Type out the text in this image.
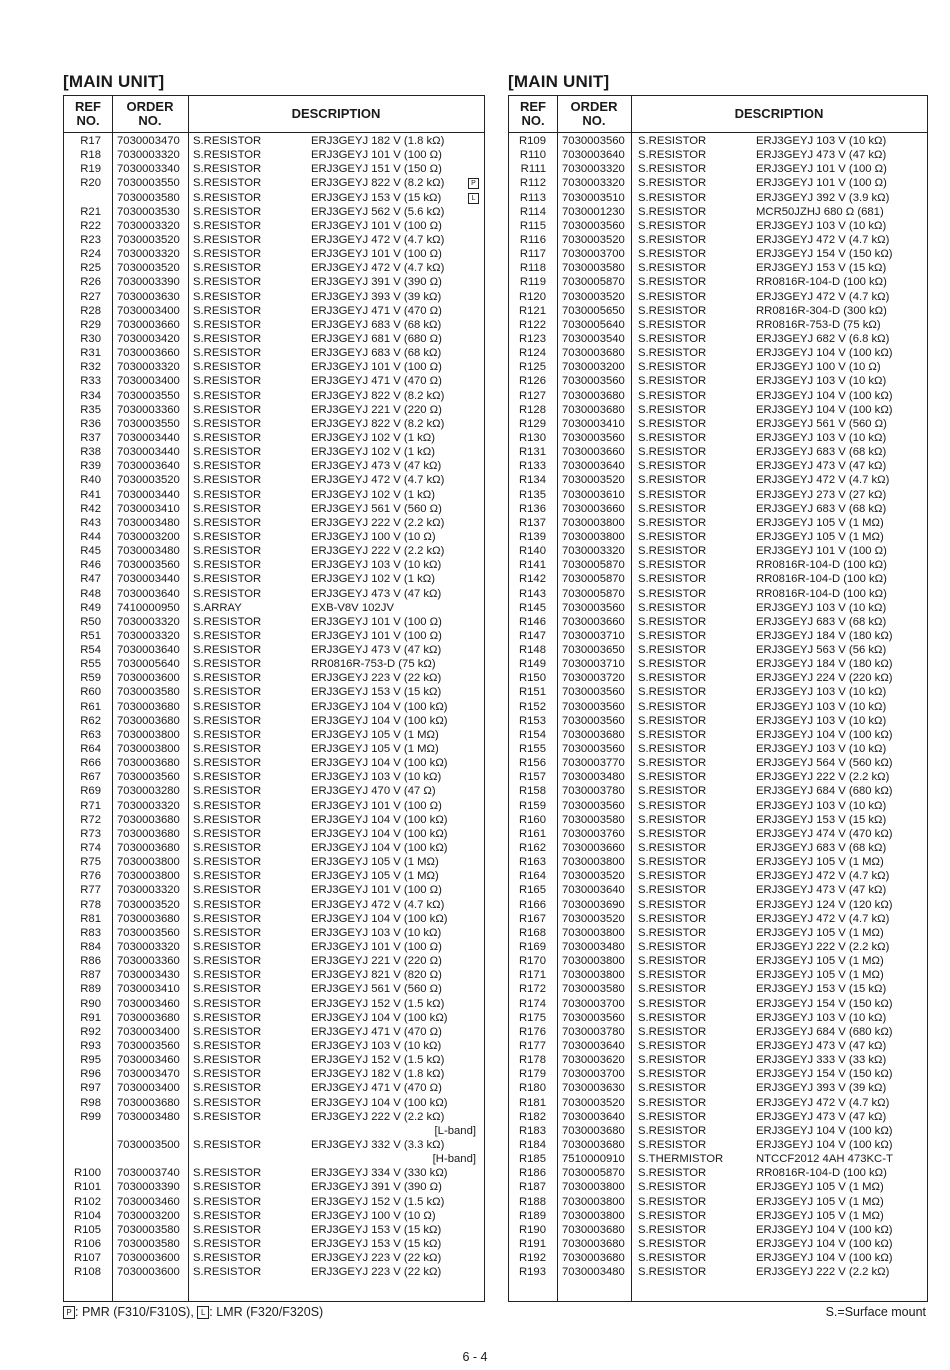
[MAIN UNIT]
REF
NO.
ORDER
NO.	DESCRIPTION
R17 7030003470 S.RESISTOR	ERJ3GEYJ 182 V (1.8 kΩ)
R18 7030003320 S.RESISTOR	ERJ3GEYJ 101 V (100 Ω)
R19 7030003340 S.RESISTOR	ERJ3GEYJ 151 V (150 Ω)
R20 7030003550 S.RESISTOR	ERJ3GEYJ 822 V (8.2 kΩ)	P
7030003580 S.RESISTOR	ERJ3GEYJ 153 V (15 kΩ)	L
R21 7030003530 S.RESISTOR	ERJ3GEYJ 562 V (5.6 kΩ)
R22 7030003320 S.RESISTOR	ERJ3GEYJ 101 V (100 Ω)
R23 7030003520 S.RESISTOR	ERJ3GEYJ 472 V (4.7 kΩ)
R24 7030003320 S.RESISTOR	ERJ3GEYJ 101 V (100 Ω)
R25 7030003520 S.RESISTOR	ERJ3GEYJ 472 V (4.7 kΩ)
R26 7030003390 S.RESISTOR	ERJ3GEYJ 391 V (390 Ω)
R27 7030003630 S.RESISTOR	ERJ3GEYJ 393 V (39 kΩ)
R28 7030003400 S.RESISTOR	ERJ3GEYJ 471 V (470 Ω)
R29 7030003660 S.RESISTOR	ERJ3GEYJ 683 V (68 kΩ)
R30 7030003420 S.RESISTOR	ERJ3GEYJ 681 V (680 Ω)
R31 7030003660 S.RESISTOR	ERJ3GEYJ 683 V (68 kΩ)
R32 7030003320 S.RESISTOR	ERJ3GEYJ 101 V (100 Ω)
R33 7030003400 S.RESISTOR	ERJ3GEYJ 471 V (470 Ω)
R34 7030003550 S.RESISTOR	ERJ3GEYJ 822 V (8.2 kΩ)
R35 7030003360 S.RESISTOR	ERJ3GEYJ 221 V (220 Ω)
R36 7030003550 S.RESISTOR	ERJ3GEYJ 822 V (8.2 kΩ)
R37 7030003440 S.RESISTOR	ERJ3GEYJ 102 V (1 kΩ)
R38 7030003440 S.RESISTOR	ERJ3GEYJ 102 V (1 kΩ)
R39 7030003640 S.RESISTOR	ERJ3GEYJ 473 V (47 kΩ)
R40 7030003520 S.RESISTOR	ERJ3GEYJ 472 V (4.7 kΩ)
R41 7030003440 S.RESISTOR	ERJ3GEYJ 102 V (1 kΩ)
R42 7030003410 S.RESISTOR	ERJ3GEYJ 561 V (560 Ω)
R43 7030003480 S.RESISTOR	ERJ3GEYJ 222 V (2.2 kΩ)
R44 7030003200 S.RESISTOR	ERJ3GEYJ 100 V (10 Ω)
R45 7030003480 S.RESISTOR	ERJ3GEYJ 222 V (2.2 kΩ)
R46 7030003560 S.RESISTOR	ERJ3GEYJ 103 V (10 kΩ)
R47 7030003440 S.RESISTOR	ERJ3GEYJ 102 V (1 kΩ)
R48 7030003640 S.RESISTOR	ERJ3GEYJ 473 V (47 kΩ)
R49 7410000950 S.ARRAY	EXB-V8V 102JV
R50 7030003320 S.RESISTOR	ERJ3GEYJ 101 V (100 Ω)
R51 7030003320 S.RESISTOR	ERJ3GEYJ 101 V (100 Ω)
R54 7030003640 S.RESISTOR	ERJ3GEYJ 473 V (47 kΩ)
R55 7030005640 S.RESISTOR	RR0816R-753-D (75 kΩ)
R59 7030003600 S.RESISTOR	ERJ3GEYJ 223 V (22 kΩ)
R60 7030003580 S.RESISTOR	ERJ3GEYJ 153 V (15 kΩ)
R61 7030003680 S.RESISTOR	ERJ3GEYJ 104 V (100 kΩ)
R62 7030003680 S.RESISTOR	ERJ3GEYJ 104 V (100 kΩ)
R63 7030003800 S.RESISTOR	ERJ3GEYJ 105 V (1 MΩ)
R64 7030003800 S.RESISTOR	ERJ3GEYJ 105 V (1 MΩ)
R66 7030003680 S.RESISTOR	ERJ3GEYJ 104 V (100 kΩ)
R67 7030003560 S.RESISTOR	ERJ3GEYJ 103 V (10 kΩ)
R69 7030003280 S.RESISTOR	ERJ3GEYJ 470 V (47 Ω)
R71 7030003320 S.RESISTOR	ERJ3GEYJ 101 V (100 Ω)
R72 7030003680 S.RESISTOR	ERJ3GEYJ 104 V (100 kΩ)
R73 7030003680 S.RESISTOR	ERJ3GEYJ 104 V (100 kΩ)
R74 7030003680 S.RESISTOR	ERJ3GEYJ 104 V (100 kΩ)
R75 7030003800 S.RESISTOR	ERJ3GEYJ 105 V (1 MΩ)
R76 7030003800 S.RESISTOR	ERJ3GEYJ 105 V (1 MΩ)
R77 7030003320 S.RESISTOR	ERJ3GEYJ 101 V (100 Ω)
R78 7030003520 S.RESISTOR	ERJ3GEYJ 472 V (4.7 kΩ)
R81 7030003680 S.RESISTOR	ERJ3GEYJ 104 V (100 kΩ)
R83 7030003560 S.RESISTOR	ERJ3GEYJ 103 V (10 kΩ)
R84 7030003320 S.RESISTOR	ERJ3GEYJ 101 V (100 Ω)
R86 7030003360 S.RESISTOR	ERJ3GEYJ 221 V (220 Ω)
R87 7030003430 S.RESISTOR	ERJ3GEYJ 821 V (820 Ω)
R89 7030003410 S.RESISTOR	ERJ3GEYJ 561 V (560 Ω)
R90 7030003460 S.RESISTOR	ERJ3GEYJ 152 V (1.5 kΩ)
R91 7030003680 S.RESISTOR	ERJ3GEYJ 104 V (100 kΩ)
R92 7030003400 S.RESISTOR	ERJ3GEYJ 471 V (470 Ω)
R93 7030003560 S.RESISTOR	ERJ3GEYJ 103 V (10 kΩ)
R95 7030003460 S.RESISTOR	ERJ3GEYJ 152 V (1.5 kΩ)
R96 7030003470 S.RESISTOR	ERJ3GEYJ 182 V (1.8 kΩ)
R97 7030003400 S.RESISTOR	ERJ3GEYJ 471 V (470 Ω)
R98 7030003680 S.RESISTOR	ERJ3GEYJ 104 V (100 kΩ)
R99 7030003480 S.RESISTOR	ERJ3GEYJ 222 V (2.2 kΩ)
[L-band]
7030003500 S.RESISTOR	ERJ3GEYJ 332 V (3.3 kΩ)
[H-band]
R100 7030003740 S.RESISTOR	ERJ3GEYJ 334 V (330 kΩ)
R101 7030003390 S.RESISTOR	ERJ3GEYJ 391 V (390 Ω)
R102 7030003460 S.RESISTOR	ERJ3GEYJ 152 V (1.5 kΩ)
R104 7030003200 S.RESISTOR	ERJ3GEYJ 100 V (10 Ω)
R105 7030003580 S.RESISTOR	ERJ3GEYJ 153 V (15 kΩ)
R106 7030003580 S.RESISTOR	ERJ3GEYJ 153 V (15 kΩ)
R107 7030003600 S.RESISTOR	ERJ3GEYJ 223 V (22 kΩ)
R108 7030003600 S.RESISTOR	ERJ3GEYJ 223 V (22 kΩ)
[MAIN UNIT]
REF
NO.
ORDER
NO.	DESCRIPTION
R109 7030003560 S.RESISTOR	ERJ3GEYJ 103 V (10 kΩ)
R110 7030003640 S.RESISTOR	ERJ3GEYJ 473 V (47 kΩ)
R111 7030003320 S.RESISTOR	ERJ3GEYJ 101 V (100 Ω)
R112 7030003320 S.RESISTOR	ERJ3GEYJ 101 V (100 Ω)
R113 7030003510 S.RESISTOR	ERJ3GEYJ 392 V (3.9 kΩ)
R114 7030001230 S.RESISTOR	MCR50JZHJ 680 Ω (681)
R115 7030003560 S.RESISTOR	ERJ3GEYJ 103 V (10 kΩ)
R116 7030003520 S.RESISTOR	ERJ3GEYJ 472 V (4.7 kΩ)
R117 7030003700 S.RESISTOR	ERJ3GEYJ 154 V (150 kΩ)
R118 7030003580 S.RESISTOR	ERJ3GEYJ 153 V (15 kΩ)
R119 7030005870 S.RESISTOR	RR0816R-104-D (100 kΩ)
R120 7030003520 S.RESISTOR	ERJ3GEYJ 472 V (4.7 kΩ)
R121 7030005650 S.RESISTOR	RR0816R-304-D (300 kΩ)
R122 7030005640 S.RESISTOR	RR0816R-753-D (75 kΩ)
R123 7030003540 S.RESISTOR	ERJ3GEYJ 682 V (6.8 kΩ)
R124 7030003680 S.RESISTOR	ERJ3GEYJ 104 V (100 kΩ)
R125 7030003200 S.RESISTOR	ERJ3GEYJ 100 V (10 Ω)
R126 7030003560 S.RESISTOR	ERJ3GEYJ 103 V (10 kΩ)
R127 7030003680 S.RESISTOR	ERJ3GEYJ 104 V (100 kΩ)
R128 7030003680 S.RESISTOR	ERJ3GEYJ 104 V (100 kΩ)
R129 7030003410 S.RESISTOR	ERJ3GEYJ 561 V (560 Ω)
R130 7030003560 S.RESISTOR	ERJ3GEYJ 103 V (10 kΩ)
R131 7030003660 S.RESISTOR	ERJ3GEYJ 683 V (68 kΩ)
R133 7030003640 S.RESISTOR	ERJ3GEYJ 473 V (47 kΩ)
R134 7030003520 S.RESISTOR	ERJ3GEYJ 472 V (4.7 kΩ)
R135 7030003610 S.RESISTOR	ERJ3GEYJ 273 V (27 kΩ)
R136 7030003660 S.RESISTOR	ERJ3GEYJ 683 V (68 kΩ)
R137 7030003800 S.RESISTOR	ERJ3GEYJ 105 V (1 MΩ)
R139 7030003800 S.RESISTOR	ERJ3GEYJ 105 V (1 MΩ)
R140 7030003320 S.RESISTOR	ERJ3GEYJ 101 V (100 Ω)
R141 7030005870 S.RESISTOR	RR0816R-104-D (100 kΩ)
R142 7030005870 S.RESISTOR	RR0816R-104-D (100 kΩ)
R143 7030005870 S.RESISTOR	RR0816R-104-D (100 kΩ)
R145 7030003560 S.RESISTOR	ERJ3GEYJ 103 V (10 kΩ)
R146 7030003660 S.RESISTOR	ERJ3GEYJ 683 V (68 kΩ)
R147 7030003710 S.RESISTOR	ERJ3GEYJ 184 V (180 kΩ)
R148 7030003650 S.RESISTOR	ERJ3GEYJ 563 V (56 kΩ)
R149 7030003710 S.RESISTOR	ERJ3GEYJ 184 V (180 kΩ)
R150 7030003720 S.RESISTOR	ERJ3GEYJ 224 V (220 kΩ)
R151 7030003560 S.RESISTOR	ERJ3GEYJ 103 V (10 kΩ)
R152 7030003560 S.RESISTOR	ERJ3GEYJ 103 V (10 kΩ)
R153 7030003560 S.RESISTOR	ERJ3GEYJ 103 V (10 kΩ)
R154 7030003680 S.RESISTOR	ERJ3GEYJ 104 V (100 kΩ)
R155 7030003560 S.RESISTOR	ERJ3GEYJ 103 V (10 kΩ)
R156 7030003770 S.RESISTOR	ERJ3GEYJ 564 V (560 kΩ)
R157 7030003480 S.RESISTOR	ERJ3GEYJ 222 V (2.2 kΩ)
R158 7030003780 S.RESISTOR	ERJ3GEYJ 684 V (680 kΩ)
R159 7030003560 S.RESISTOR	ERJ3GEYJ 103 V (10 kΩ)
R160 7030003580 S.RESISTOR	ERJ3GEYJ 153 V (15 kΩ)
R161 7030003760 S.RESISTOR	ERJ3GEYJ 474 V (470 kΩ)
R162 7030003660 S.RESISTOR	ERJ3GEYJ 683 V (68 kΩ)
R163 7030003800 S.RESISTOR	ERJ3GEYJ 105 V (1 MΩ)
R164 7030003520 S.RESISTOR	ERJ3GEYJ 472 V (4.7 kΩ)
R165 7030003640 S.RESISTOR	ERJ3GEYJ 473 V (47 kΩ)
R166 7030003690 S.RESISTOR	ERJ3GEYJ 124 V (120 kΩ)
R167 7030003520 S.RESISTOR	ERJ3GEYJ 472 V (4.7 kΩ)
R168 7030003800 S.RESISTOR	ERJ3GEYJ 105 V (1 MΩ)
R169 7030003480 S.RESISTOR	ERJ3GEYJ 222 V (2.2 kΩ)
R170 7030003800 S.RESISTOR	ERJ3GEYJ 105 V (1 MΩ)
R171 7030003800 S.RESISTOR	ERJ3GEYJ 105 V (1 MΩ)
R172 7030003580 S.RESISTOR	ERJ3GEYJ 153 V (15 kΩ)
R174 7030003700 S.RESISTOR	ERJ3GEYJ 154 V (150 kΩ)
R175 7030003560 S.RESISTOR	ERJ3GEYJ 103 V (10 kΩ)
R176 7030003780 S.RESISTOR	ERJ3GEYJ 684 V (680 kΩ)
R177 7030003640 S.RESISTOR	ERJ3GEYJ 473 V (47 kΩ)
R178 7030003620 S.RESISTOR	ERJ3GEYJ 333 V (33 kΩ)
R179 7030003700 S.RESISTOR	ERJ3GEYJ 154 V (150 kΩ)
R180 7030003630 S.RESISTOR	ERJ3GEYJ 393 V (39 kΩ)
R181 7030003520 S.RESISTOR	ERJ3GEYJ 472 V (4.7 kΩ)
R182 7030003640 S.RESISTOR	ERJ3GEYJ 473 V (47 kΩ)
R183 7030003680 S.RESISTOR	ERJ3GEYJ 104 V (100 kΩ)
R184 7030003680 S.RESISTOR	ERJ3GEYJ 104 V (100 kΩ)
R185 7510000910 S.THERMISTOR	NTCCF2012 4AH 473KC-T
R186 7030005870 S.RESISTOR	RR0816R-104-D (100 kΩ)
R187 7030003800 S.RESISTOR	ERJ3GEYJ 105 V (1 MΩ)
R188 7030003800 S.RESISTOR	ERJ3GEYJ 105 V (1 MΩ)
R189 7030003800 S.RESISTOR	ERJ3GEYJ 105 V (1 MΩ)
R190 7030003680 S.RESISTOR	ERJ3GEYJ 104 V (100 kΩ)
R191 7030003680 S.RESISTOR	ERJ3GEYJ 104 V (100 kΩ)
R192 7030003680 S.RESISTOR	ERJ3GEYJ 104 V (100 kΩ)
R193 7030003480 S.RESISTOR	ERJ3GEYJ 222 V (2.2 kΩ)
P : PMR (F310/F310S), L : LMR (F320/F320S)	S.=Surface mount
6 - 4
